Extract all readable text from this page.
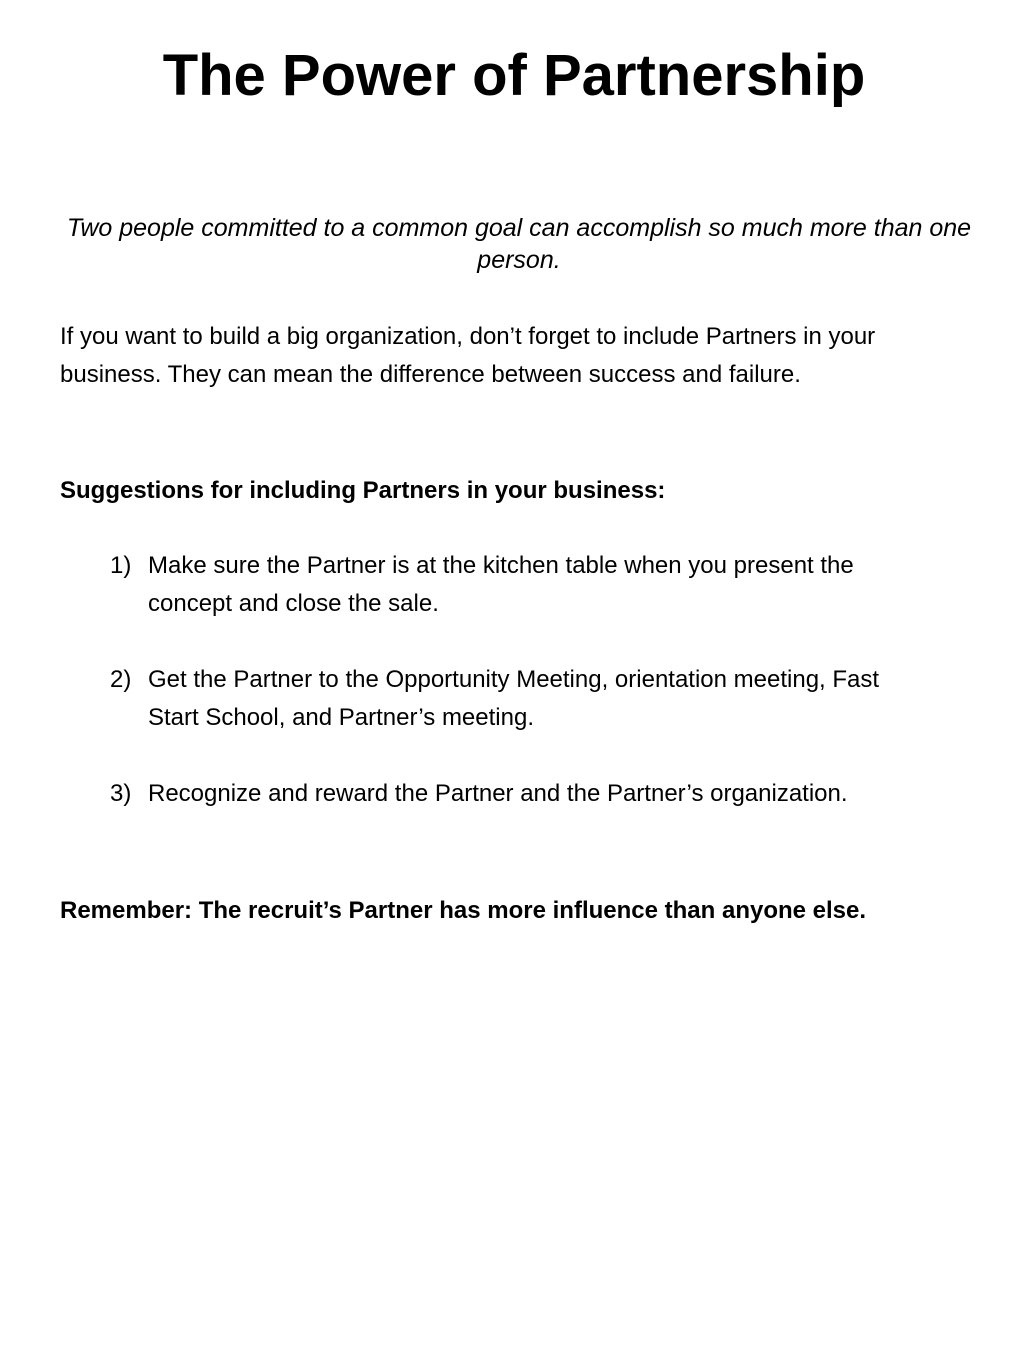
The Power of Partnership

Two people committed to a common goal can accomplish so much more than one person.

If you want to build a big organization, don’t forget to include Partners in your business. They can mean the difference between success and failure.

Suggestions for including Partners in your business:

1) Make sure the Partner is at the kitchen table when you present the concept and close the sale.
2) Get the Partner to the Opportunity Meeting, orientation meeting, Fast Start School, and Partner’s meeting.
3) Recognize and reward the Partner and the Partner’s organization.

Remember: The recruit’s Partner has more influence than anyone else.
